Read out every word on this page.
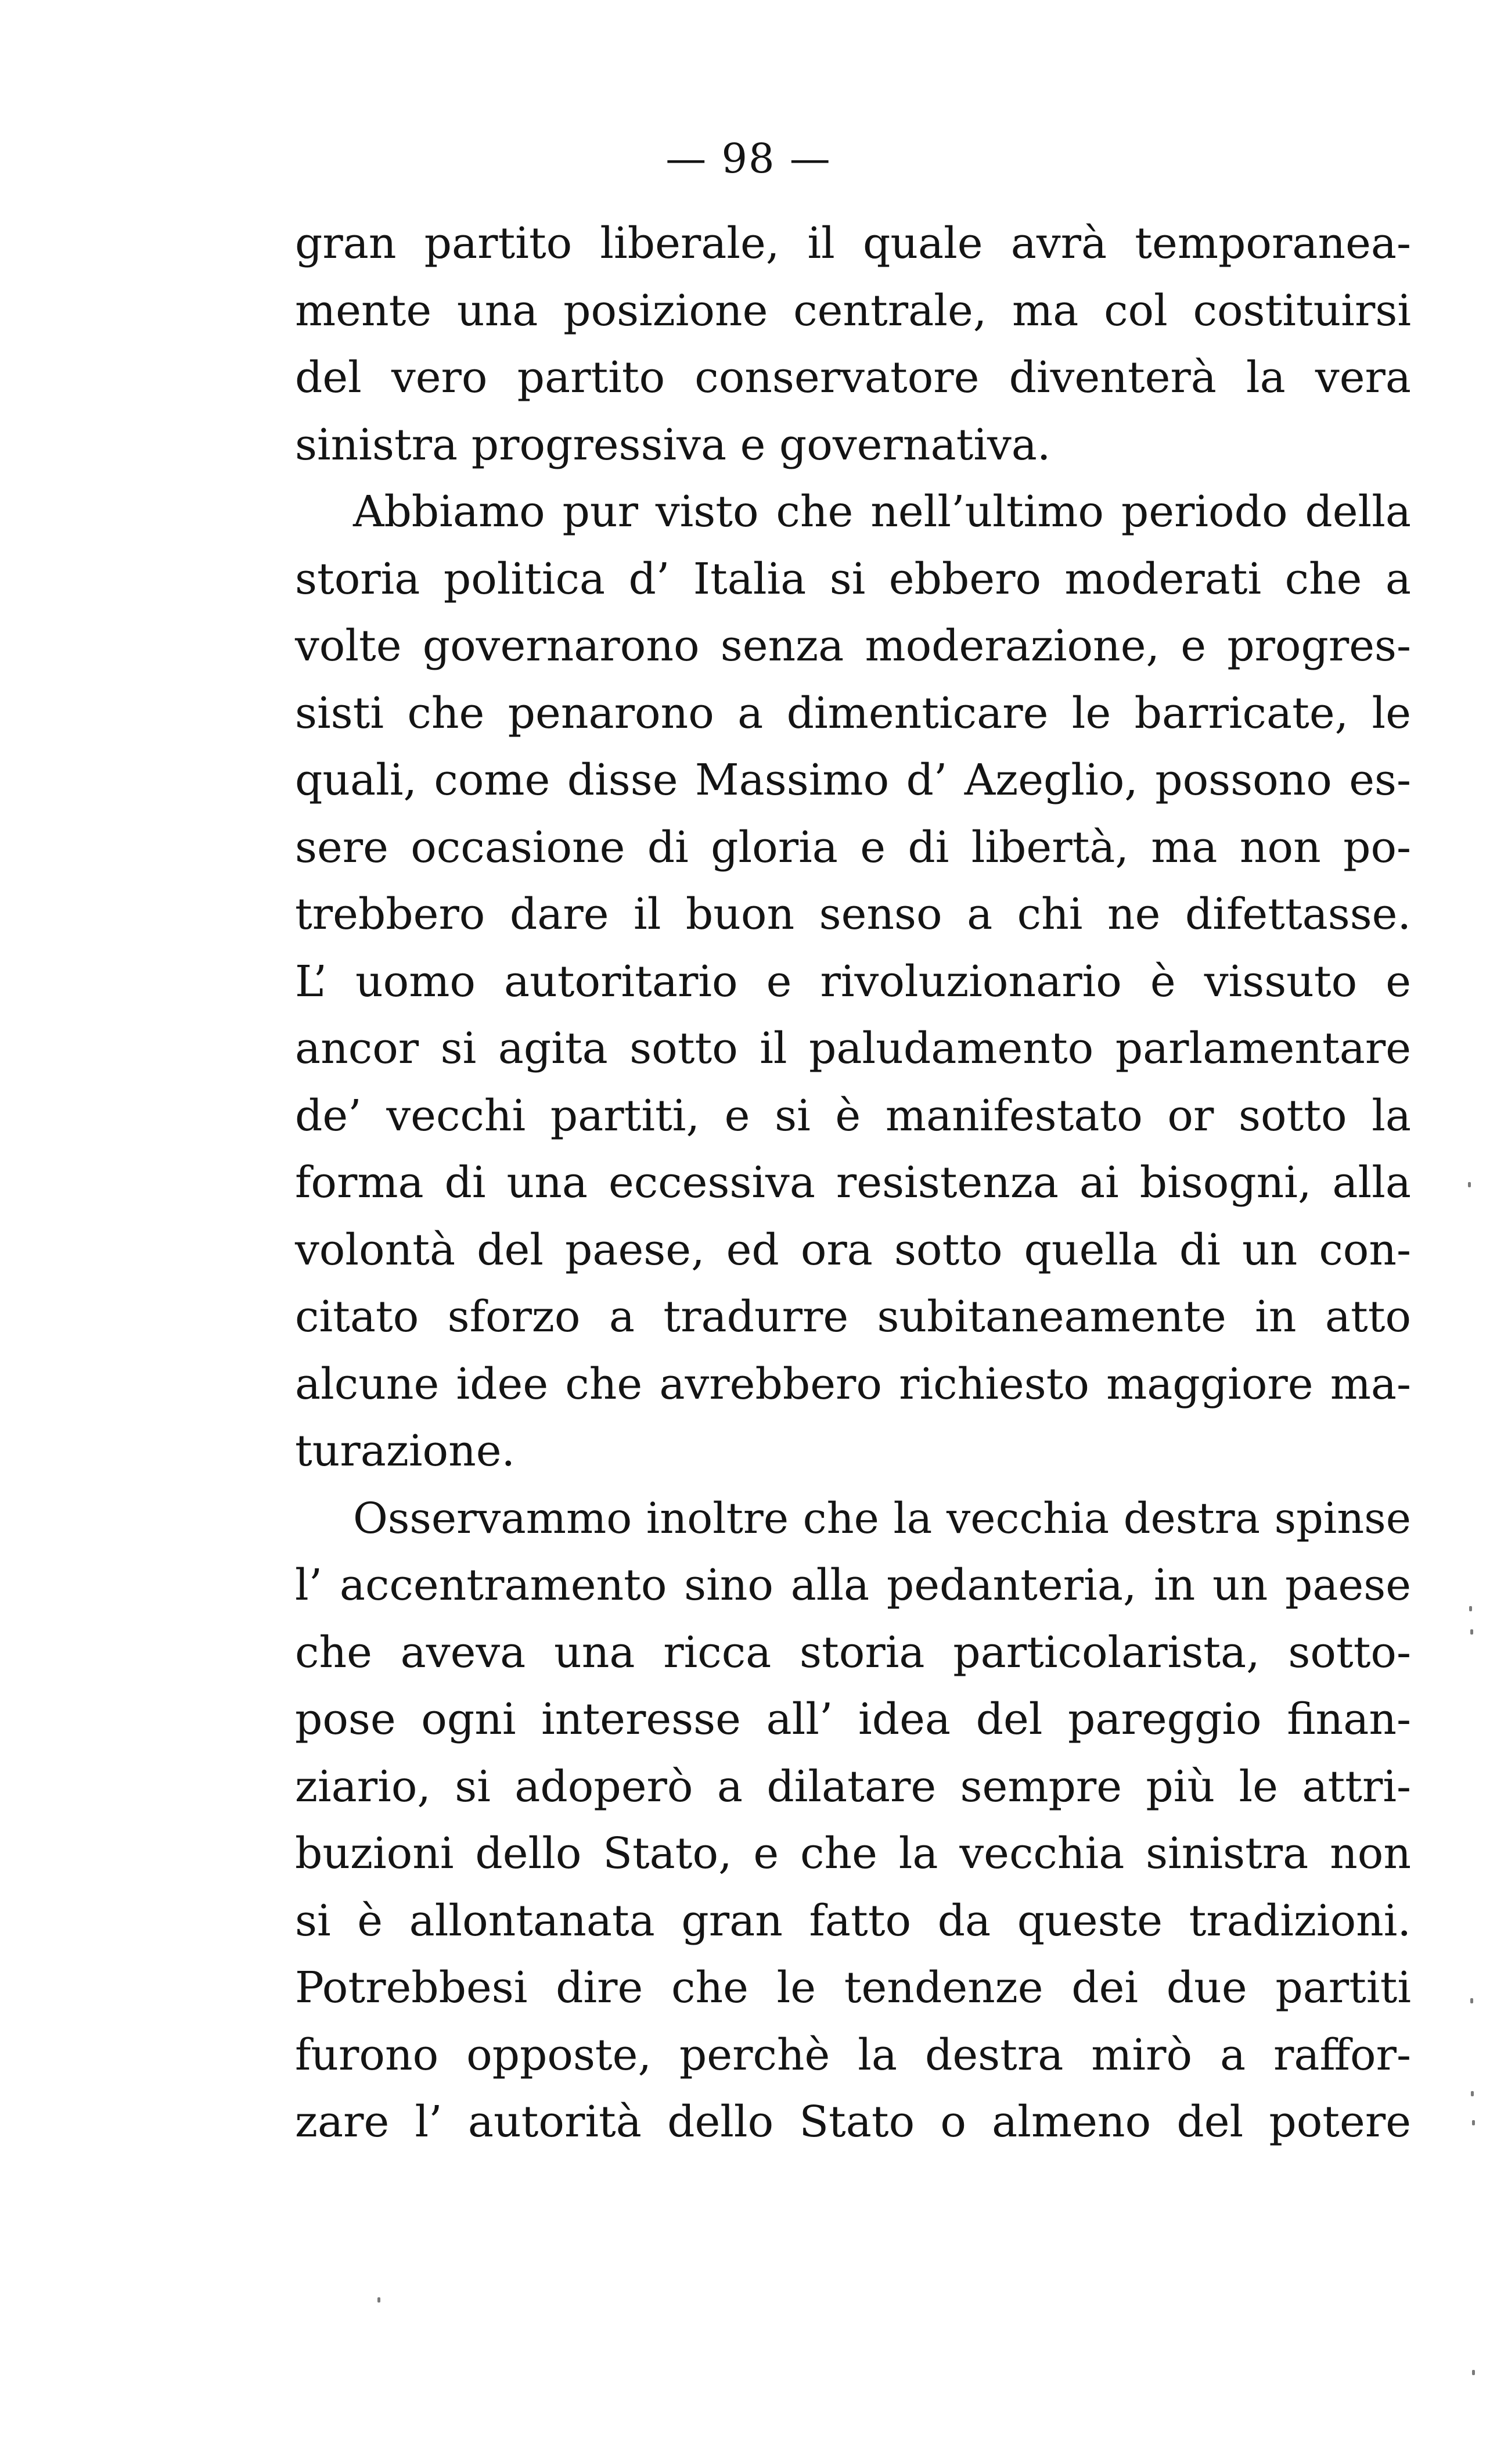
— 98 —
gran partito liberale, il quale avrà temporanea-
mente una posizione centrale, ma col costituirsi
del vero partito conservatore diventerà la vera
sinistra progressiva e governativa.
Abbiamo pur visto che nell’ultimo periodo della
storia politica d’ Italia si ebbero moderati che a
volte governarono senza moderazione, e progres-
sisti che penarono a dimenticare le barricate, le
quali, come disse Massimo d’ Azeglio, possono es-
sere occasione di gloria e di libertà, ma non po-
trebbero dare il buon senso a chi ne difettasse.
L’ uomo autoritario e rivoluzionario è vissuto e
ancor si agita sotto il paludamento parlamentare
de’ vecchi partiti, e si è manifestato or sotto la
forma di una eccessiva resistenza ai bisogni, alla
volontà del paese, ed ora sotto quella di un con-
citato sforzo a tradurre subitaneamente in atto
alcune idee che avrebbero richiesto maggiore ma-
turazione.
Osservammo inoltre che la vecchia destra spinse
l’ accentramento sino alla pedanteria, in un paese
che aveva una ricca storia particolarista, sotto-
pose ogni interesse all’ idea del pareggio finan-
ziario, si adoperò a dilatare sempre più le attri-
buzioni dello Stato, e che la vecchia sinistra non
si è allontanata gran fatto da queste tradizioni.
Potrebbesi dire che le tendenze dei due partiti
furono opposte, perchè la destra mirò a raffor-
zare l’ autorità dello Stato o almeno del potere
